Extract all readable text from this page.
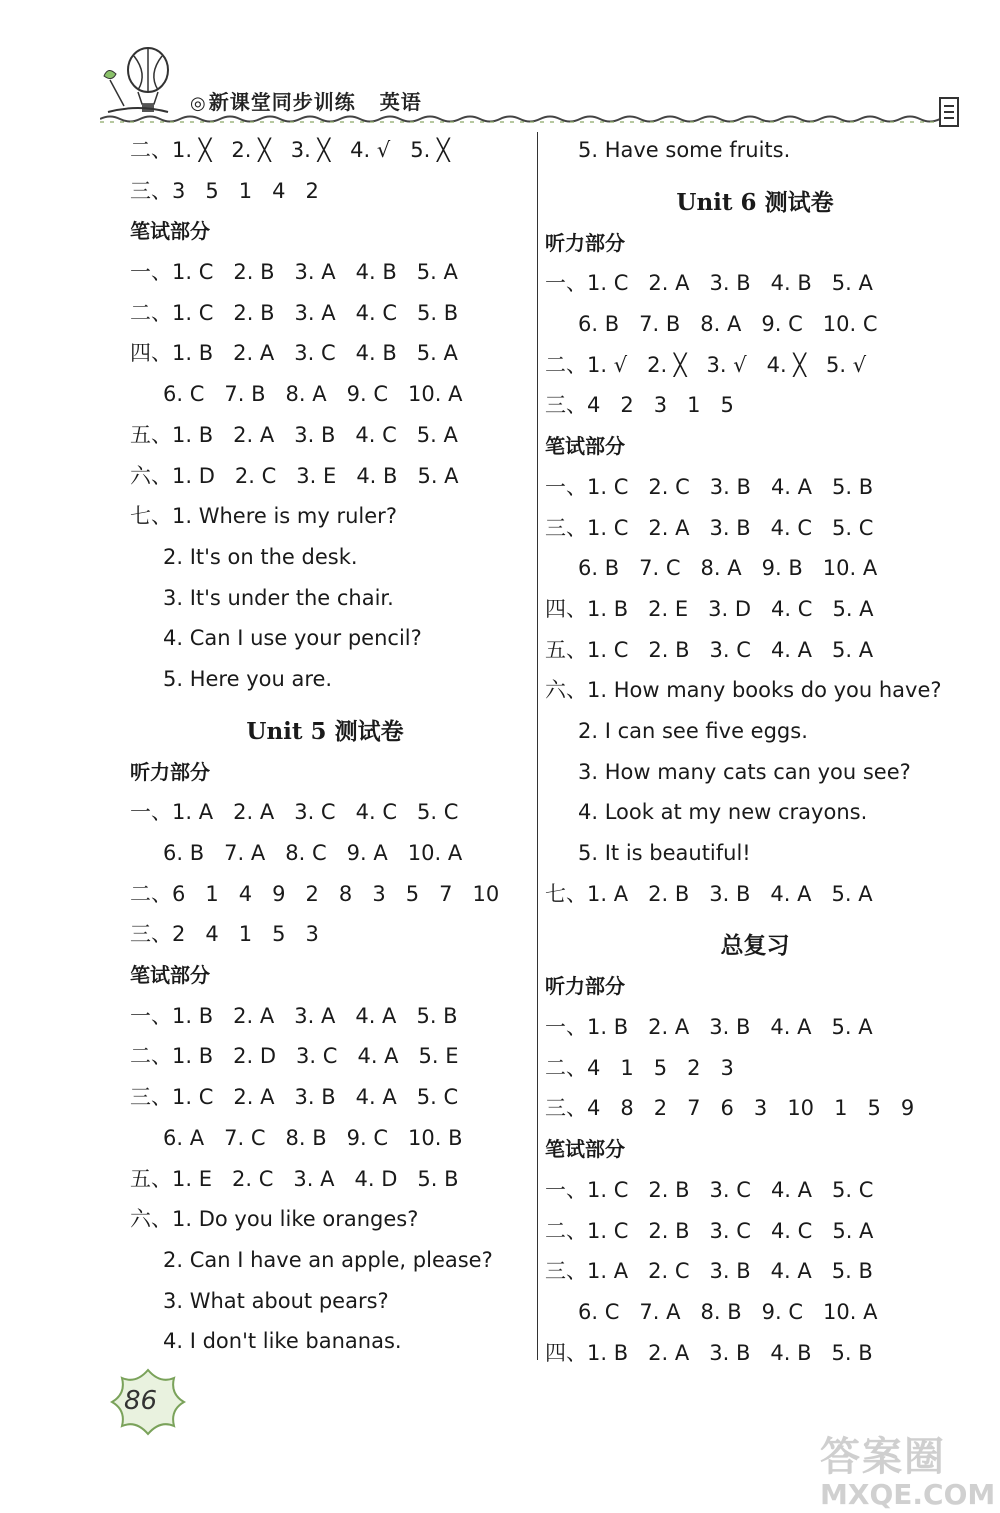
◎ 新课堂同步训练 英语
二、1. ╳   2. ╳   3. ╳   4. √   5. ╳
三、3   5   1   4   2
笔试部分
一、1. C   2. B   3. A   4. B   5. A
二、1. C   2. B   3. A   4. C   5. B
四、1. B   2. A   3. C   4. B   5. A
6. C   7. B   8. A   9. C   10. A
五、1. B   2. A   3. B   4. C   5. A
六、1. D   2. C   3. E   4. B   5. A
七、1. Where is my ruler?
2. It's on the desk.
3. It's under the chair.
4. Can I use your pencil?
5. Here you are.
Unit 5 测试卷
听力部分
一、1. A   2. A   3. C   4. C   5. C
6. B   7. A   8. C   9. A   10. A
二、6   1   4   9   2   8   3   5   7   10
三、2   4   1   5   3
笔试部分
一、1. B   2. A   3. A   4. A   5. B
二、1. B   2. D   3. C   4. A   5. E
三、1. C   2. A   3. B   4. A   5. C
6. A   7. C   8. B   9. C   10. B
五、1. E   2. C   3. A   4. D   5. B
六、1. Do you like oranges?
2. Can I have an apple, please?
3. What about pears?
4. I don't like bananas.
5. Have some fruits.
Unit 6 测试卷
听力部分
一、1. C   2. A   3. B   4. B   5. A
6. B   7. B   8. A   9. C   10. C
二、1. √   2. ╳   3. √   4. ╳   5. √
三、4   2   3   1   5
笔试部分
一、1. C   2. C   3. B   4. A   5. B
三、1. C   2. A   3. B   4. C   5. C
6. B   7. C   8. A   9. B   10. A
四、1. B   2. E   3. D   4. C   5. A
五、1. C   2. B   3. C   4. A   5. A
六、1. How many books do you have?
2. I can see five eggs.
3. How many cats can you see?
4. Look at my new crayons.
5. It is beautiful!
七、1. A   2. B   3. B   4. A   5. A
总复习
听力部分
一、1. B   2. A   3. B   4. A   5. A
二、4   1   5   2   3
三、4   8   2   7   6   3   10   1   5   9
笔试部分
一、1. C   2. B   3. C   4. A   5. C
二、1. C   2. B   3. C   4. C   5. A
三、1. A   2. C   3. B   4. A   5. B
6. C   7. A   8. B   9. C   10. A
四、1. B   2. A   3. B   4. B   5. B
86
答案圈
MXQE.COM
